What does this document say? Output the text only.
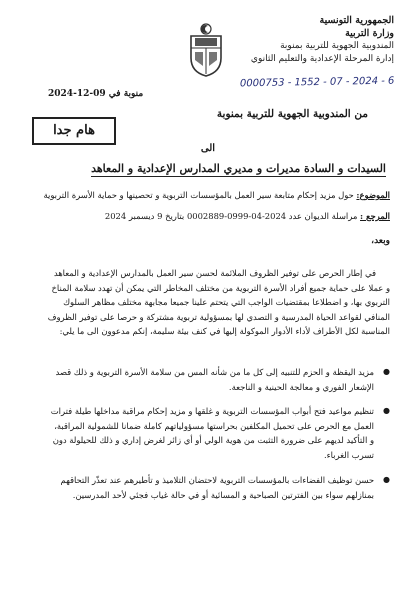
الجمهورية التونسية
وزارة التربية
المندوبية الجهوية للتربية بمنوبة
إدارة المرحلة الإعدادية والتعليم الثانوي
منوبة في 09-12-2024
0000753 - 1552 - 07 - 2024 - 6
من المندوبية الجهوية للتربية بمنوبة
هام جدا
الى
السيدات و السادة مديرات و مديري المدارس الإعدادية و المعاهد
الموضوع: حول مزيد إحكام متابعة سير العمل بالمؤسسات التربوية و تحصينها و حماية الأسرة التربوية
المرجع : مراسلة الديوان عدد 2024-04-0999-0002889 بتاريخ 9 ديسمبر 2024
وبعد،
في إطار الحرص على توفير الظروف الملائمة لحسن سير العمل بالمدارس الإعدادية و المعاهد
و عملا على حماية جميع أفراد الأسرة التربوية من مختلف المخاطر التي يمكن أن تهدد سلامة المناخ
التربوي بها، و اضطلاعا بمقتضيات الواجب التي يتحتم علينا جميعا مجابهة مختلف مظاهر السلوك
المنافي لقواعد الحياة المدرسية و التصدي لها بمسؤولية تربوية مشتركة و حرصا على توفير الظروف
المناسبة لكل الأطراف لأداء الأدوار الموكولة إليها في كنف بيئة سليمة، إنكم مدعوون الى ما يلي:
●
مزيد اليقظة و الحزم للتنبيه إلى كل ما من شأنه المس من سلامة الأسرة التربوية و ذلك قصد
الإشعار الفوري و معالجة الحينية و الناجعة.
●
تنظيم مواعيد فتح أبواب المؤسسات التربوية و غلقها و مزيد إحكام مراقبة مداخلها طيلة فترات
العمل مع الحرص على تحميل المكلفين بحراستها مسؤولياتهم كاملة ضمانا للشمولية المراقبة،
و التأكيد لديهم على ضرورة التثبت من هوية الولي أو أي زائر لغرض إداري و ذلك للحيلولة دون
تسرب الغرباء.
●
حسن توظيف الفضاءات بالمؤسسات التربوية لاحتضان التلاميذ و تأطيرهم عند تعذّر التحاقهم
بمنازلهم سواء بين الفترتين الصباحية و المسائية أو في حالة غياب فجئي لأحد المدرسين.
